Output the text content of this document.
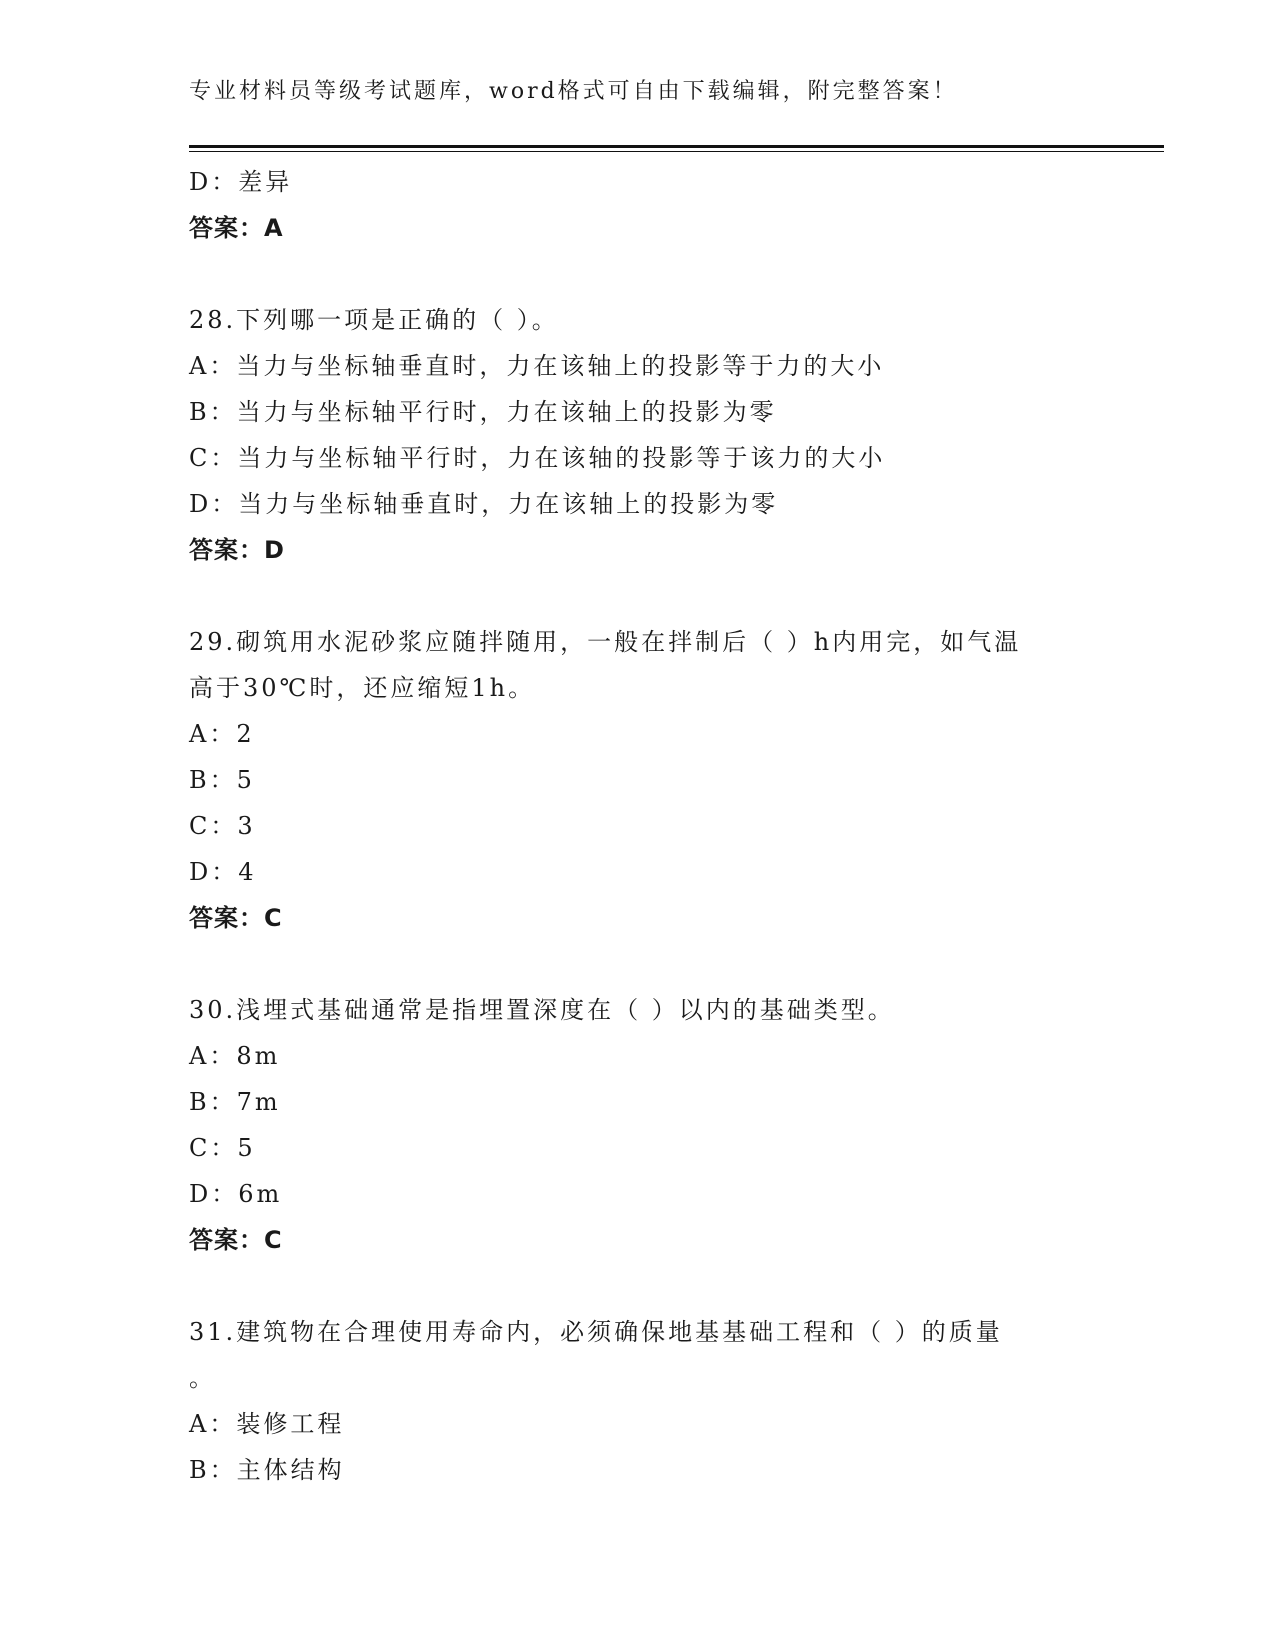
专业材料员等级考试题库，word格式可自由下载编辑，附完整答案！
D：差异
答案：A
28.下列哪一项是正确的（ ）。
A：当力与坐标轴垂直时，力在该轴上的投影等于力的大小
B：当力与坐标轴平行时，力在该轴上的投影为零
C：当力与坐标轴平行时，力在该轴的投影等于该力的大小
D：当力与坐标轴垂直时，力在该轴上的投影为零
答案：D
29.砌筑用水泥砂浆应随拌随用，一般在拌制后（ ）h内用完，如气温
高于30℃时，还应缩短1h。
A：2
B：5
C：3
D：4
答案：C
30.浅埋式基础通常是指埋置深度在（ ）以内的基础类型。
A：8m
B：7m
C：5
D：6m
答案：C
31.建筑物在合理使用寿命内，必须确保地基基础工程和（ ）的质量
。
A：装修工程
B：主体结构
